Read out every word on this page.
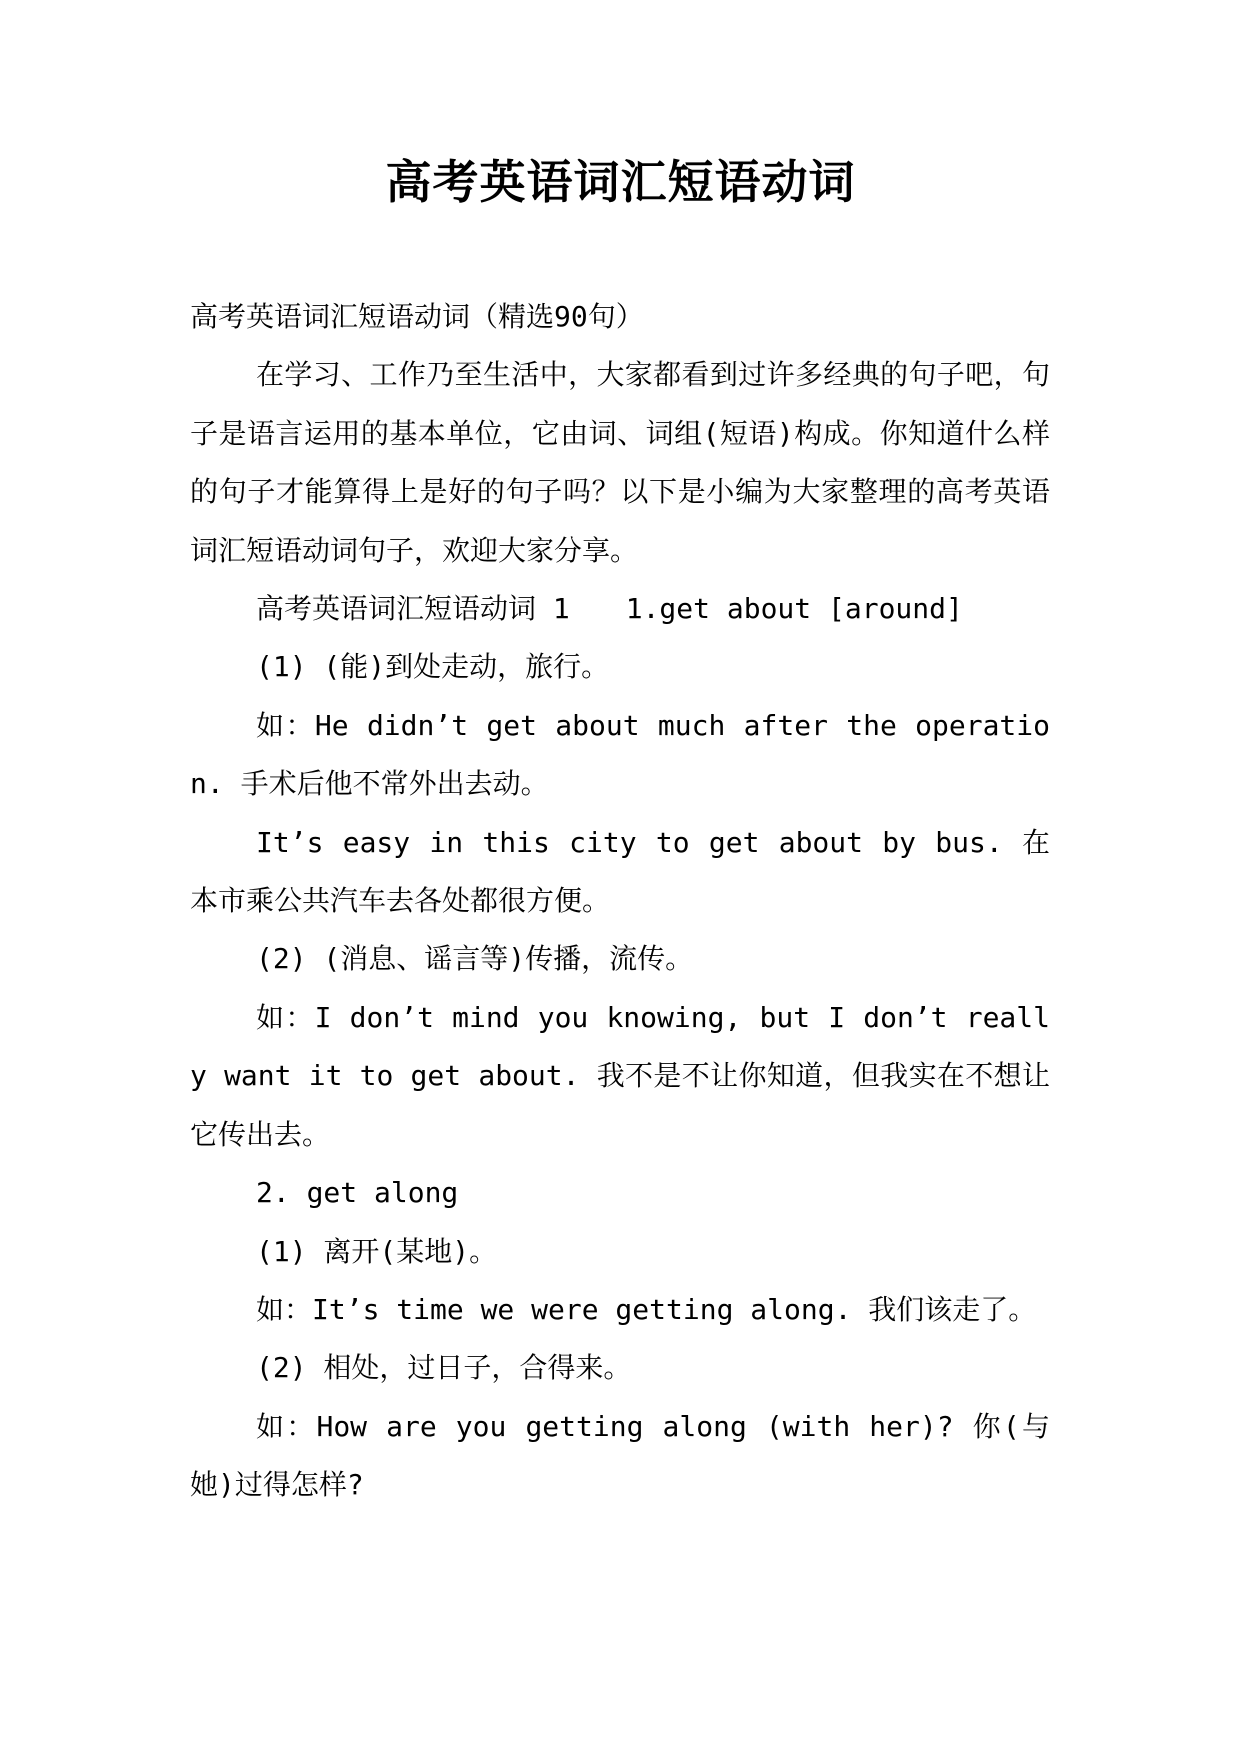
高考英语词汇短语动词

高考英语词汇短语动词（精选90句）

在学习、工作乃至生活中，大家都看到过许多经典的句子吧，句子是语言运用的基本单位，它由词、词组(短语)构成。你知道什么样的句子才能算得上是好的句子吗？以下是小编为大家整理的高考英语词汇短语动词句子，欢迎大家分享。

高考英语词汇短语动词 1　　1.get about [around]

(1) (能)到处走动，旅行。

如：He didn’t get about much after the operation. 手术后他不常外出去动。

It’s easy in this city to get about by bus. 在本市乘公共汽车去各处都很方便。

(2) (消息、谣言等)传播，流传。

如：I don’t mind you knowing, but I don’t really want it to get about. 我不是不让你知道，但我实在不想让它传出去。

2. get along

(1) 离开(某地)。

如：It’s time we were getting along. 我们该走了。

(2) 相处，过日子，合得来。

如：How are you getting along (with her)? 你(与她)过得怎样?
